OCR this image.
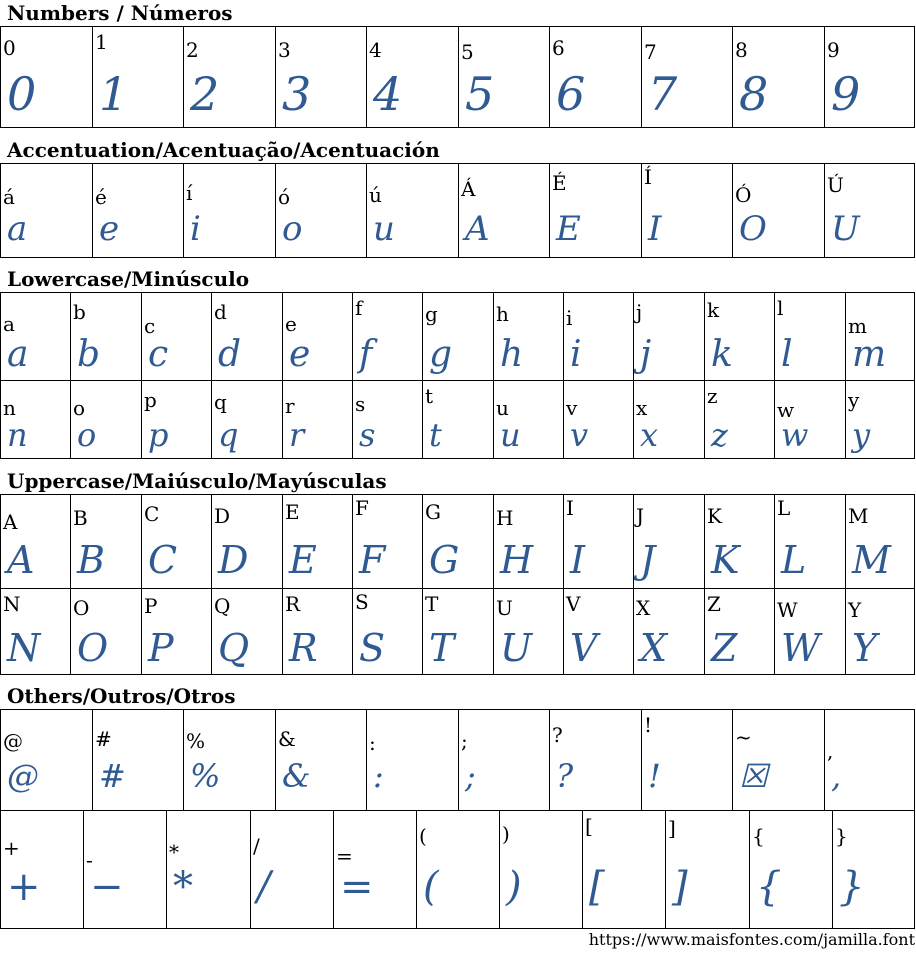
Numbers / Números
0
0
1
1
2
2
3
3
4
4
5
5
6
6
7
7
8
8
9
9
Accentuation/Acentuação/Acentuación
á
a
é
e
í
i
ó
o
ú
u
Á
A
É
E
Í
I
Ó
O
Ú
U
Lowercase/Minúsculo
a
a
b
b
c
c
d
d
e
e
f
f
g
g
h
h
i
i
j
j
k
k
l
l
m
m
n
n
o
o
p
p
q
q
r
r
s
s
t
t
u
u
v
v
x
x
z
z
w
w
y
y
Uppercase/Maiúsculo/Mayúsculas
A
A
B
B
C
C
D
D
E
E
F
F
G
G
H
H
I
I
J
J
K
K
L
L
M
M
N
N
O
O
P
P
Q
Q
R
R
S
S
T
T
U
U
V
V
X
X
Z
Z
W
W
Y
Y
Others/Outros/Otros
@
@
#
#
%
%
&
&
:
:
;
;
?
?
!
!
~
☒
,
,
+
+
-
−
*
*
/
/
=
=
(
(
)
)
[
[
]
]
{
{
}
}
https://www.maisfontes.com/jamilla.font
